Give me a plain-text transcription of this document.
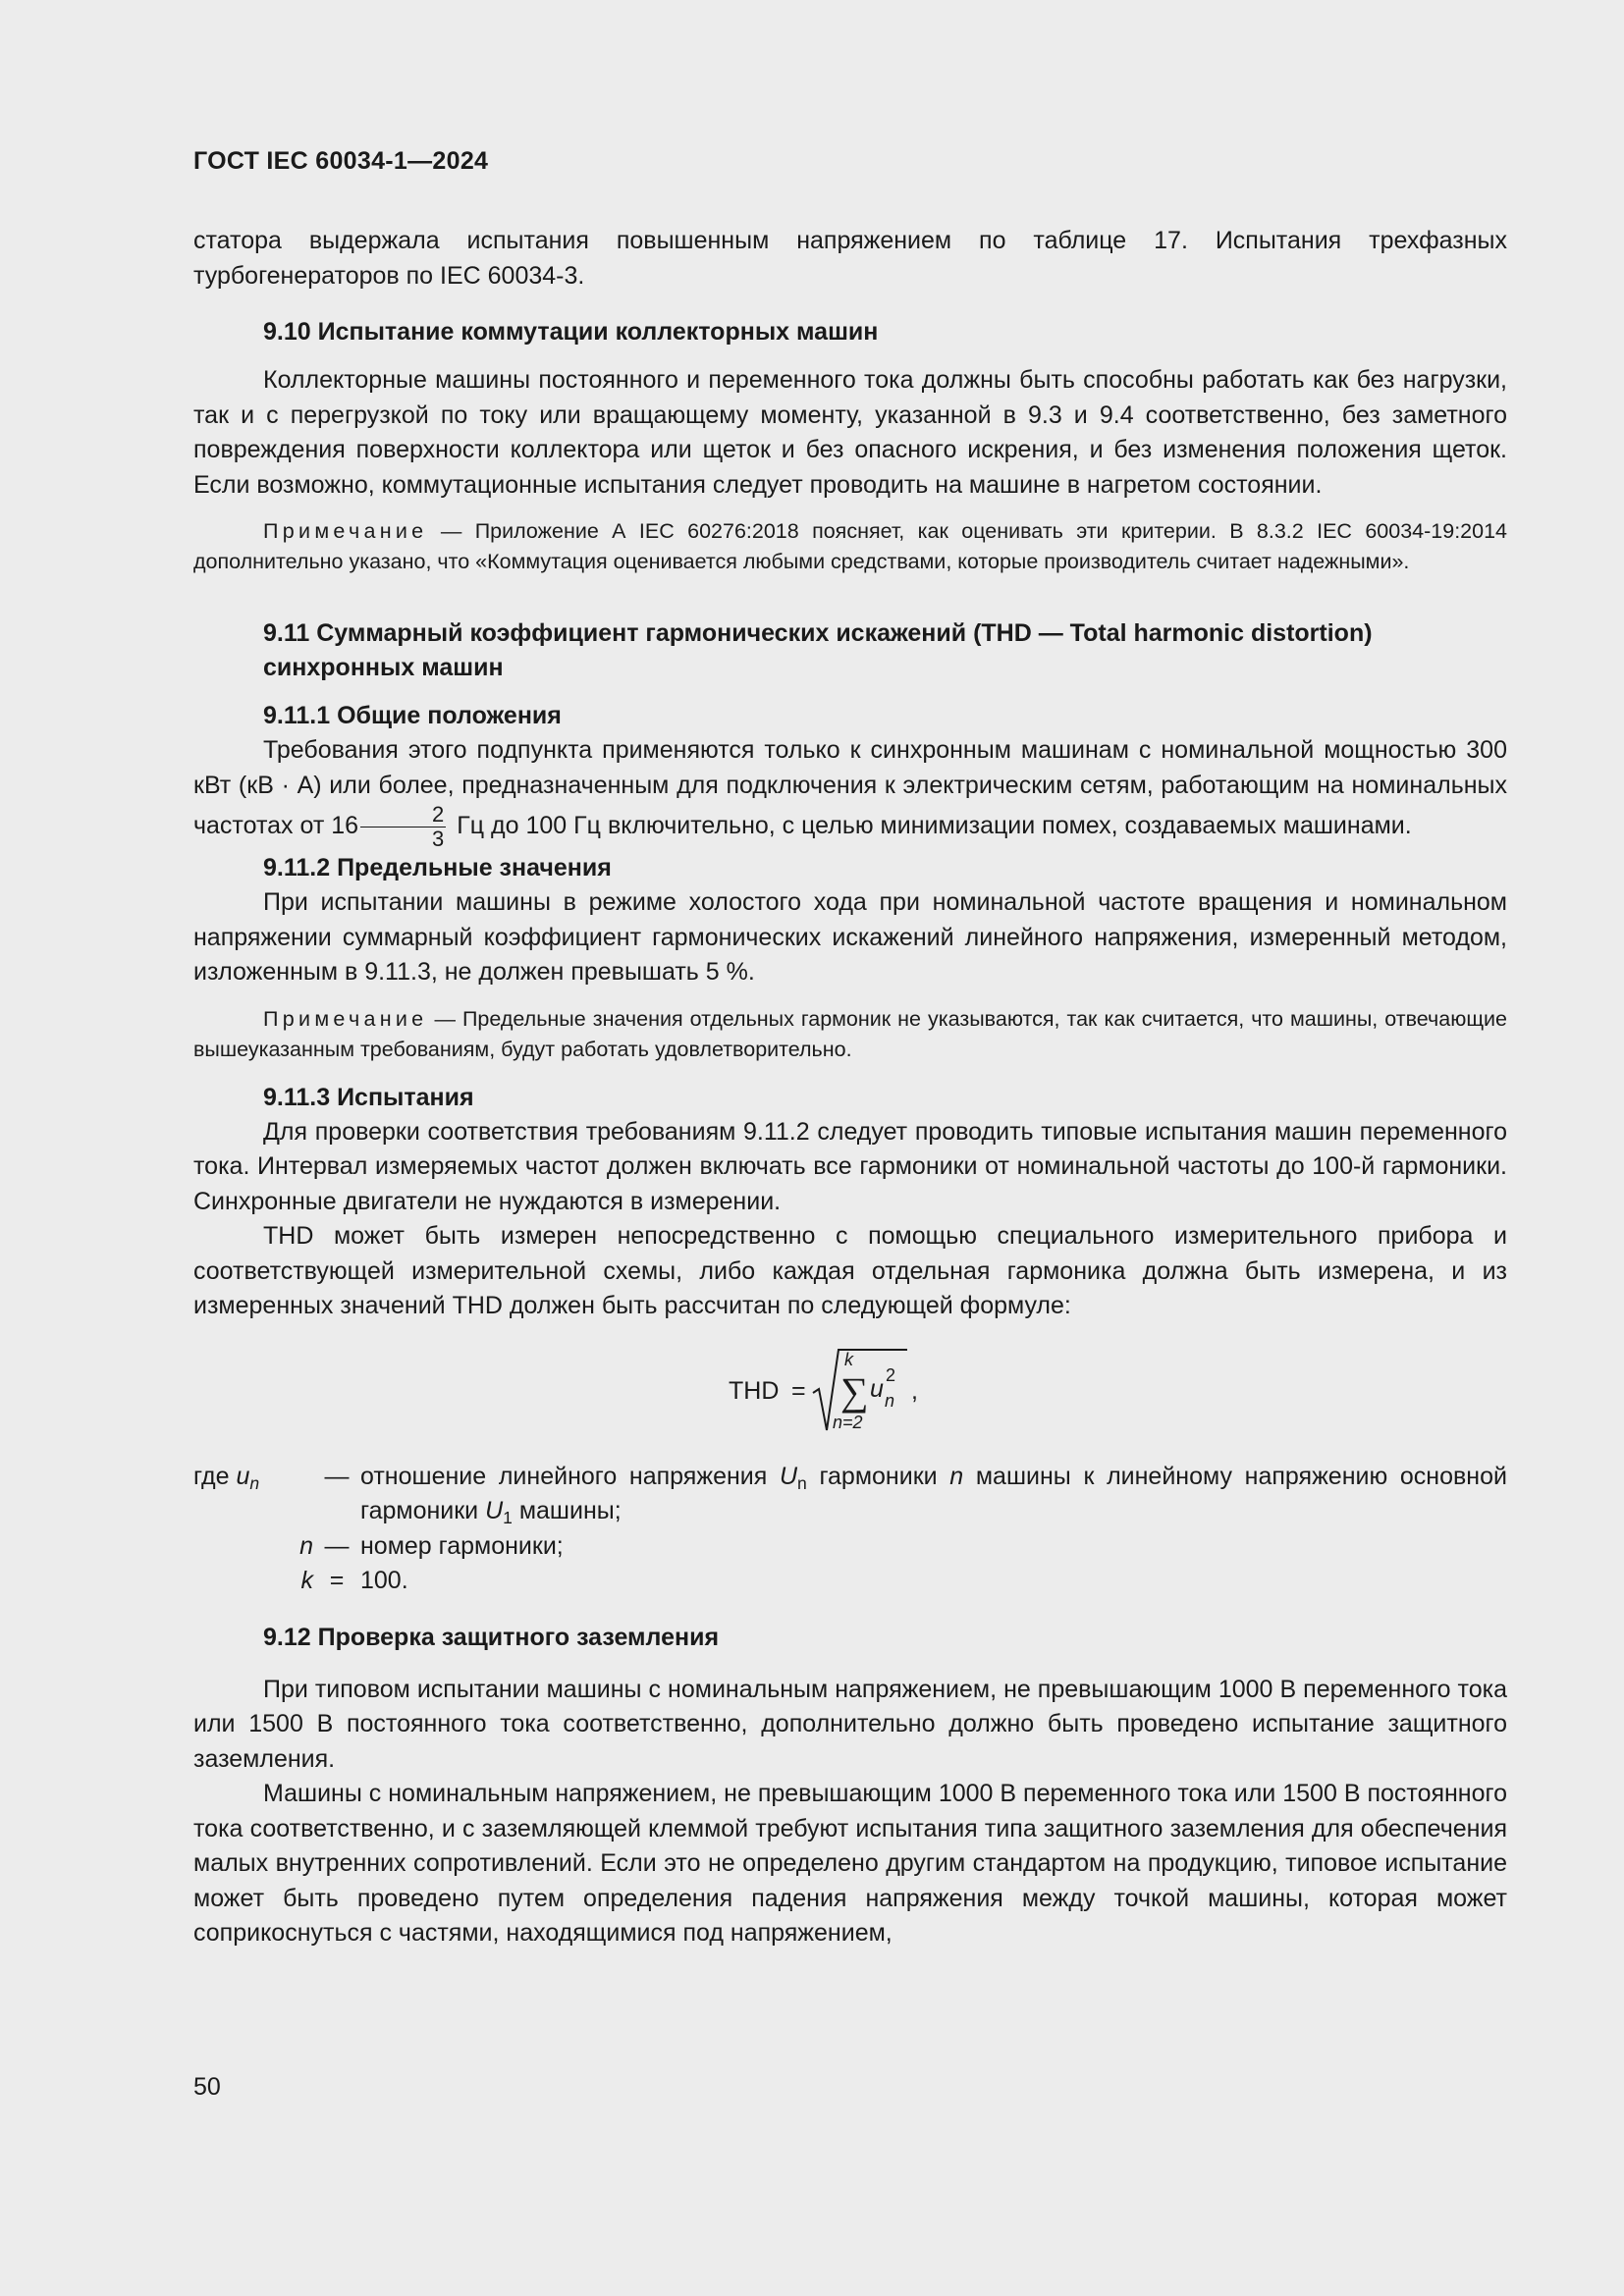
ГОСТ IEC 60034-1—2024

статора выдержала испытания повышенным напряжением по таблице 17. Испытания трехфазных турбогенераторов по IEC 60034-3.

9.10 Испытание коммутации коллекторных машин

Коллекторные машины постоянного и переменного тока должны быть способны работать как без нагрузки, так и с перегрузкой по току или вращающему моменту, указанной в 9.3 и 9.4 соответственно, без заметного повреждения поверхности коллектора или щеток и без опасного искрения, и без изменения положения щеток. Если возможно, коммутационные испытания следует проводить на машине в нагретом состоянии.

Примечание — Приложение А IEC 60276:2018 поясняет, как оценивать эти критерии. В 8.3.2 IEC 60034-19:2014 дополнительно указано, что «Коммутация оценивается любыми средствами, которые производитель считает надежными».

9.11 Суммарный коэффициент гармонических искажений (THD — Total harmonic distortion) синхронных машин

9.11.1 Общие положения

Требования этого подпункта применяются только к синхронным машинам с номинальной мощностью 300 кВт (кВ · А) или более, предназначенным для подключения к электрическим сетям, работающим на номинальных частотах от $16 \frac{2}{3}$ Гц до 100 Гц включительно, с целью минимизации помех, создаваемых машинами.

9.11.2 Предельные значения

При испытании машины в режиме холостого хода при номинальной частоте вращения и номинальном напряжении суммарный коэффициент гармонических искажений линейного напряжения, измеренный методом, изложенным в 9.11.3, не должен превышать 5 %.

Примечание — Предельные значения отдельных гармоник не указываются, так как считается, что машины, отвечающие вышеуказанным требованиям, будут работать удовлетворительно.

9.11.3 Испытания

Для проверки соответствия требованиям 9.11.2 следует проводить типовые испытания машин переменного тока. Интервал измеряемых частот должен включать все гармоники от номинальной частоты до 100-й гармоники. Синхронные двигатели не нуждаются в измерении.

THD может быть измерен непосредственно с помощью специального измерительного прибора и соответствующей измерительной схемы, либо каждая отдельная гармоника должна быть измерена, и из измеренных значений THD должен быть рассчитан по следующей формуле:

THD =
k
∑
n=2
u n
2
,
где $u_n$	— отношение линейного напряжения $U_n$ гармоники n машины к линейному напряжению основной гармоники $U_1$ машины;
n — номер гармоники;
k = 100.

9.12 Проверка защитного заземления

При типовом испытании машины с номинальным напряжением, не превышающим 1000 В переменного тока или 1500 В постоянного тока соответственно, дополнительно должно быть проведено испытание защитного заземления.

Машины с номинальным напряжением, не превышающим 1000 В переменного тока или 1500 В постоянного тока соответственно, и с заземляющей клеммой требуют испытания типа защитного заземления для обеспечения малых внутренних сопротивлений. Если это не определено другим стандартом на продукцию, типовое испытание может быть проведено путем определения падения напряжения между точкой машины, которая может соприкоснуться с частями, находящимися под напряжением,

50
